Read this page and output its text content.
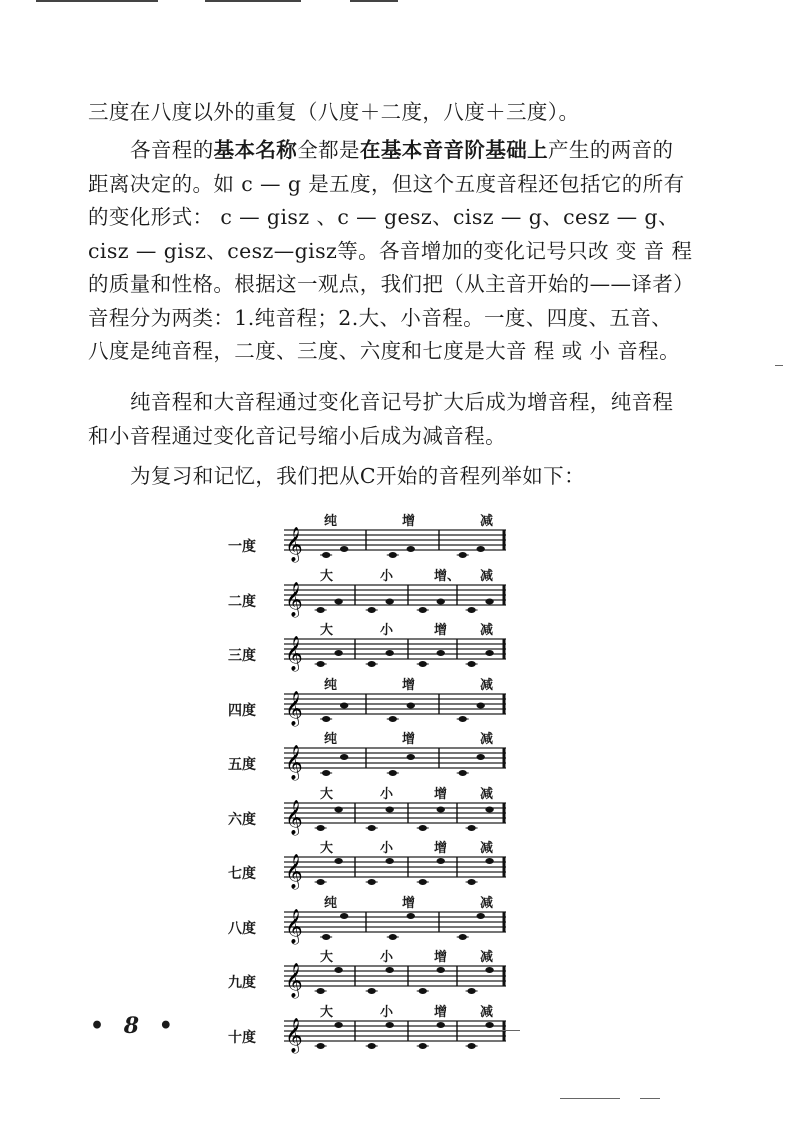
三度在八度以外的重复（八度＋二度，八度＋三度）。
各音程的基本名称全都是在基本音音阶基础上产生的两音的
距离决定的。如 c — g 是五度，但这个五度音程还包括它的所有
的变化形式： c — gisz 、c — gesz、cisz — g、cesz — g、
cisz — gisz、cesz—gisz等。各音增加的变化记号只改 变 音 程
的质量和性格。根据这一观点，我们把（从主音开始的——译者）
音程分为两类：1.纯音程；2.大、小音程。一度、四度、五音、
八度是纯音程，二度、三度、六度和七度是大音 程 或 小 音程。
纯音程和大音程通过变化音记号扩大后成为增音程，纯音程
和小音程通过变化音记号缩小后成为减音程。
为复习和记忆，我们把从C开始的音程列举如下：
一度
纯	增	减
𝄞
二度
大	小	增、 减
𝄞
三度
大	小	增	减
𝄞
四度
纯	增	减
𝄞
五度
纯	增	减
𝄞
六度
大	小	增	减
𝄞
七度
大	小	增	减
𝄞
八度
纯	增	减
𝄞
九度
大	小	增	减
𝄞
十度
大	小	增	减
𝄞
• 8 •
